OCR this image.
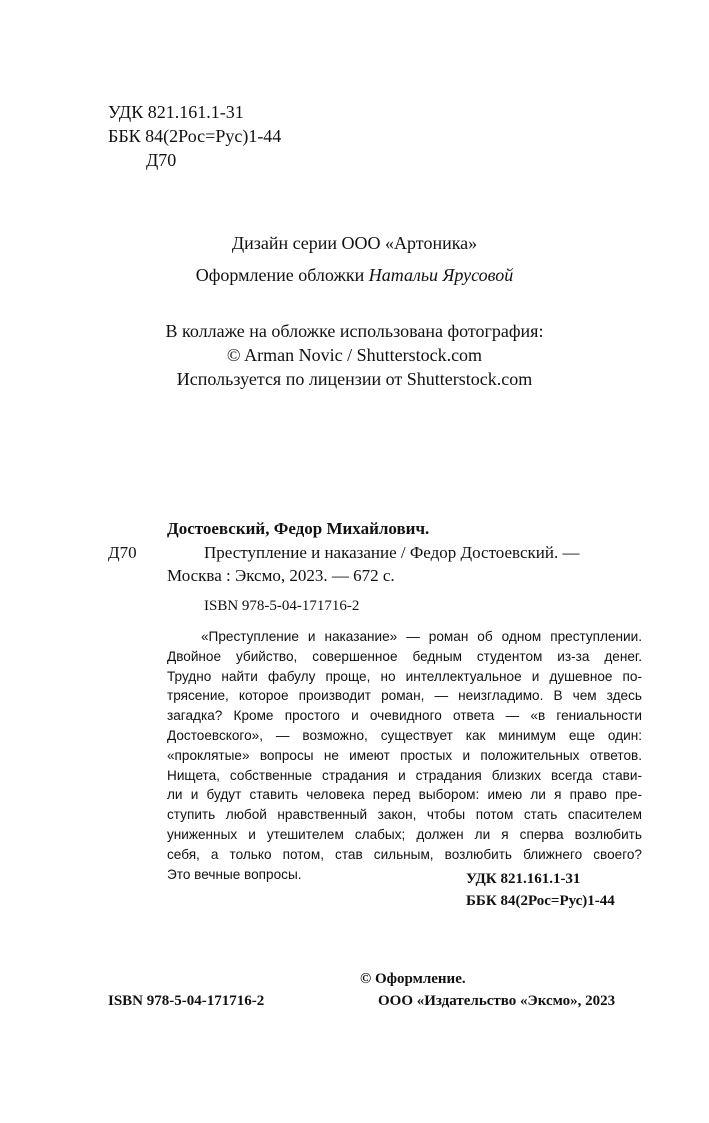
УДК 821.161.1-31
ББК 84(2Рос=Рус)1-44
Д70
Дизайн серии ООО «Артоника»
Оформление обложки Натальи Ярусовой
В коллаже на обложке использована фотография:
© Arman Novic / Shutterstock.com
Используется по лицензии от Shutterstock.com
Достоевский, Федор Михайлович.
Д70	Преступление и наказание / Федор Достоевский. —
Москва : Эксмо, 2023. — 672 с.
ISBN 978-5-04-171716-2
«Преступление и наказание» — роман об одном преступлении.
Двойное убийство, совершенное бедным студентом из-за денег.
Трудно найти фабулу проще, но интеллектуальное и душевное по-
трясение, которое производит роман, — неизгладимо. В чем здесь
загадка? Кроме простого и очевидного ответа — «в гениальности
Достоевского», — возможно, существует как минимум еще один:
«проклятые» вопросы не имеют простых и положительных ответов.
Нищета, собственные страдания и страдания близких всегда стави-
ли и будут ставить человека перед выбором: имею ли я право пре-
ступить любой нравственный закон, чтобы потом стать спасителем
униженных и утешителем слабых; должен ли я сперва возлюбить
себя, а только потом, став сильным, возлюбить ближнего своего?
Это вечные вопросы.	УДК 821.161.1-31
ББК 84(2Рос=Рус)1-44
ISBN 978-5-04-171716-2
© Оформление.
ООО «Издательство «Эксмо», 2023
